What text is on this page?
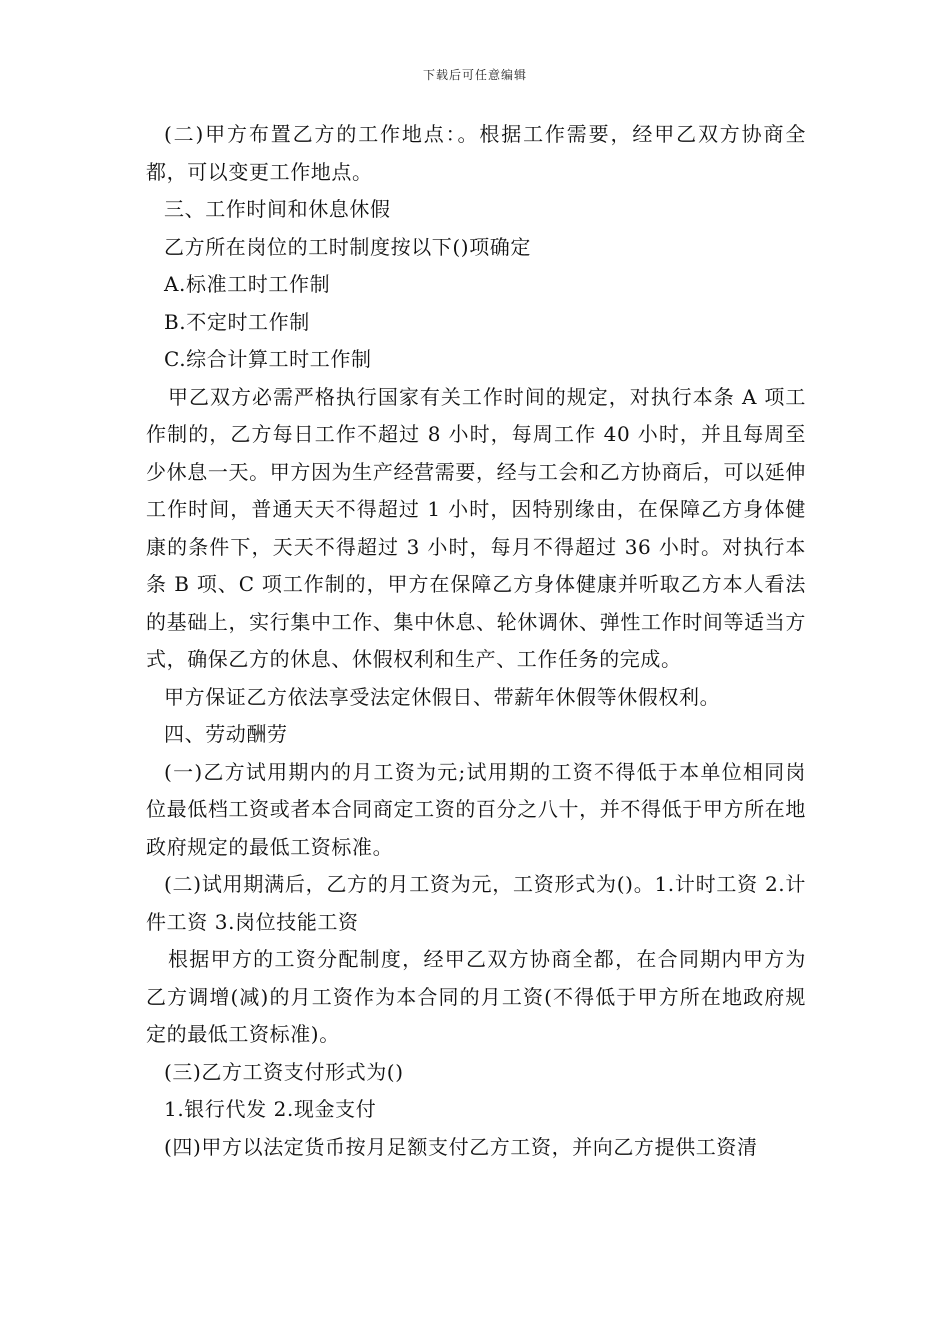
下载后可任意编辑

(二)甲方布置乙方的工作地点：。根据工作需要，经甲乙双方协商全都，可以变更工作地点。

三、工作时间和休息休假

乙方所在岗位的工时制度按以下()项确定

A.标准工时工作制

B.不定时工作制

C.综合计算工时工作制

甲乙双方必需严格执行国家有关工作时间的规定，对执行本条 A 项工作制的，乙方每日工作不超过 8 小时，每周工作 40 小时，并且每周至少休息一天。甲方因为生产经营需要，经与工会和乙方协商后，可以延伸工作时间，普通天天不得超过 1 小时，因特别缘由，在保障乙方身体健康的条件下，天天不得超过 3 小时，每月不得超过 36 小时。对执行本条 B 项、C 项工作制的，甲方在保障乙方身体健康并听取乙方本人看法的基础上，实行集中工作、集中休息、轮休调休、弹性工作时间等适当方式，确保乙方的休息、休假权利和生产、工作任务的完成。

甲方保证乙方依法享受法定休假日、带薪年休假等休假权利。

四、劳动酬劳

(一)乙方试用期内的月工资为元;试用期的工资不得低于本单位相同岗位最低档工资或者本合同商定工资的百分之八十，并不得低于甲方所在地政府规定的最低工资标准。

(二)试用期满后，乙方的月工资为元，工资形式为()。1.计时工资 2.计件工资 3.岗位技能工资

根据甲方的工资分配制度，经甲乙双方协商全都，在合同期内甲方为乙方调增(减)的月工资作为本合同的月工资(不得低于甲方所在地政府规定的最低工资标准)。

(三)乙方工资支付形式为()

1.银行代发 2.现金支付

(四)甲方以法定货币按月足额支付乙方工资，并向乙方提供工资清
